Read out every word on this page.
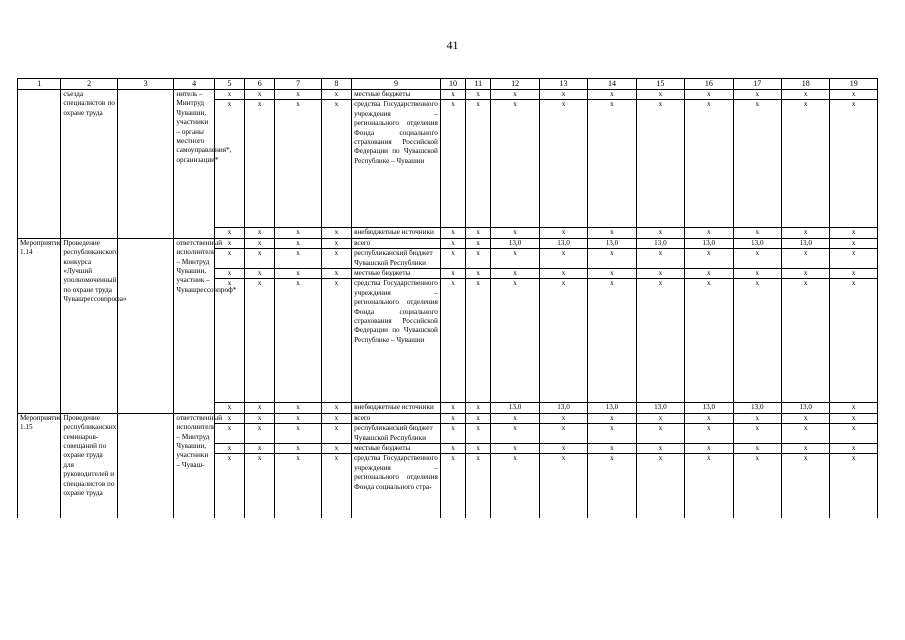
41
1	2	3	4	5	6	7	8	9	10	11	12	13	14	15	16	17	18	19
	съезда специалистов по охране труда		нитель – Минтруд Чувашии, участники – органы местного самоуправления*, организации*	x	x	x	x	местные бюджеты	x	x	x	x	x	x	x	x	x	x
				x	x	x	x	средства Государственного учреждения – регионального отделения Фонда социального страхования Российской Федерации по Чувашской Республике – Чувашии	x	x	x	x	x	x	x	x	x	x
				x	x	x	x	внебюджетные источники	x	x	x	x	x	x	x	x	x	x
Мероприятие 1.14	Проведение республиканского конкурса «Лучший уполномоченный по охране труда Чувашрессовпрофа»		ответственный исполнитель – Минтруд Чувашии, участник – Чувашрессовпроф*	x	x	x	x	всего	x	x	13,0	13,0	13,0	13,0	13,0	13,0	13,0	x
				x	x	x	x	республиканский бюджет Чувашской Республики	x	x	x	x	x	x	x	x	x	x
				x	x	x	x	местные бюджеты	x	x	x	x	x	x	x	x	x	x
				x	x	x	x	средства Государственного учреждения – регионального отделения Фонда социального страхования Российской Федерации по Чувашской Республике – Чувашии	x	x	x	x	x	x	x	x	x	x
				x	x	x	x	внебюджетные источники	x	x	13,0	13,0	13,0	13,0	13,0	13,0	13,0	x
Мероприятие 1.15	Проведение республиканских семинаров-совещаний по охране труда для руководителей и специалистов по охране труда		ответственный исполнитель – Минтруд Чувашии, участники – Чуваш-	x	x	x	x	всего	x	x	x	x	x	x	x	x	x	x
				x	x	x	x	республиканский бюджет Чувашской Республики	x	x	x	x	x	x	x	x	x	x
				x	x	x	x	местные бюджеты	x	x	x	x	x	x	x	x	x	x
				x	x	x	x	средства Государственного учреждения – регионального отделения Фонда социального стра-	x	x	x	x	x	x	x	x	x	x
